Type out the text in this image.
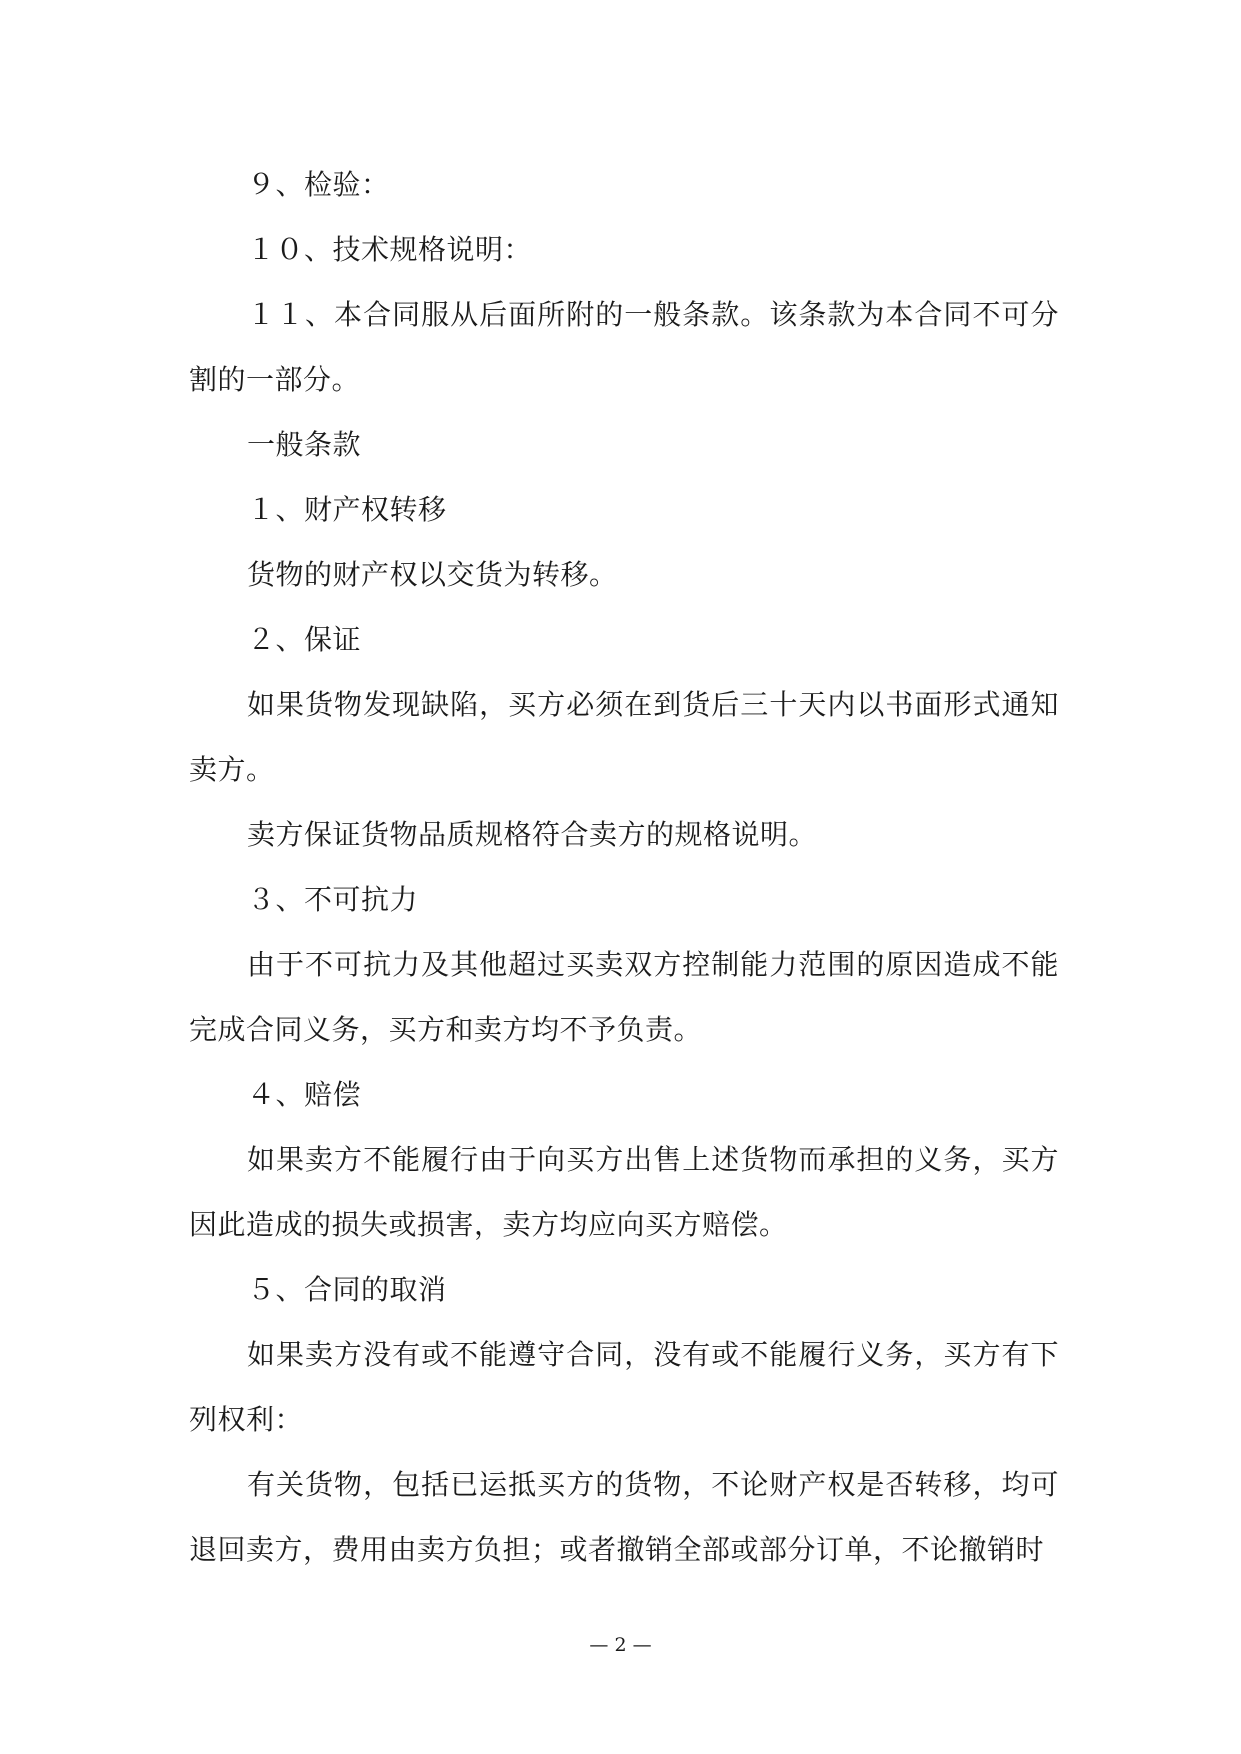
９、检验：

１０、技术规格说明：

１１、本合同服从后面所附的一般条款。该条款为本合同不可分割的一部分。

一般条款

１、财产权转移

货物的财产权以交货为转移。

２、保证

如果货物发现缺陷，买方必须在到货后三十天内以书面形式通知卖方。

卖方保证货物品质规格符合卖方的规格说明。

３、不可抗力

由于不可抗力及其他超过买卖双方控制能力范围的原因造成不能完成合同义务，买方和卖方均不予负责。

４、赔偿

如果卖方不能履行由于向买方出售上述货物而承担的义务，买方因此造成的损失或损害，卖方均应向买方赔偿。

５、合同的取消

如果卖方没有或不能遵守合同，没有或不能履行义务，买方有下列权利：

有关货物，包括已运抵买方的货物，不论财产权是否转移，均可退回卖方，费用由卖方负担；或者撤销全部或部分订单，不论撤销时

— 2 —
